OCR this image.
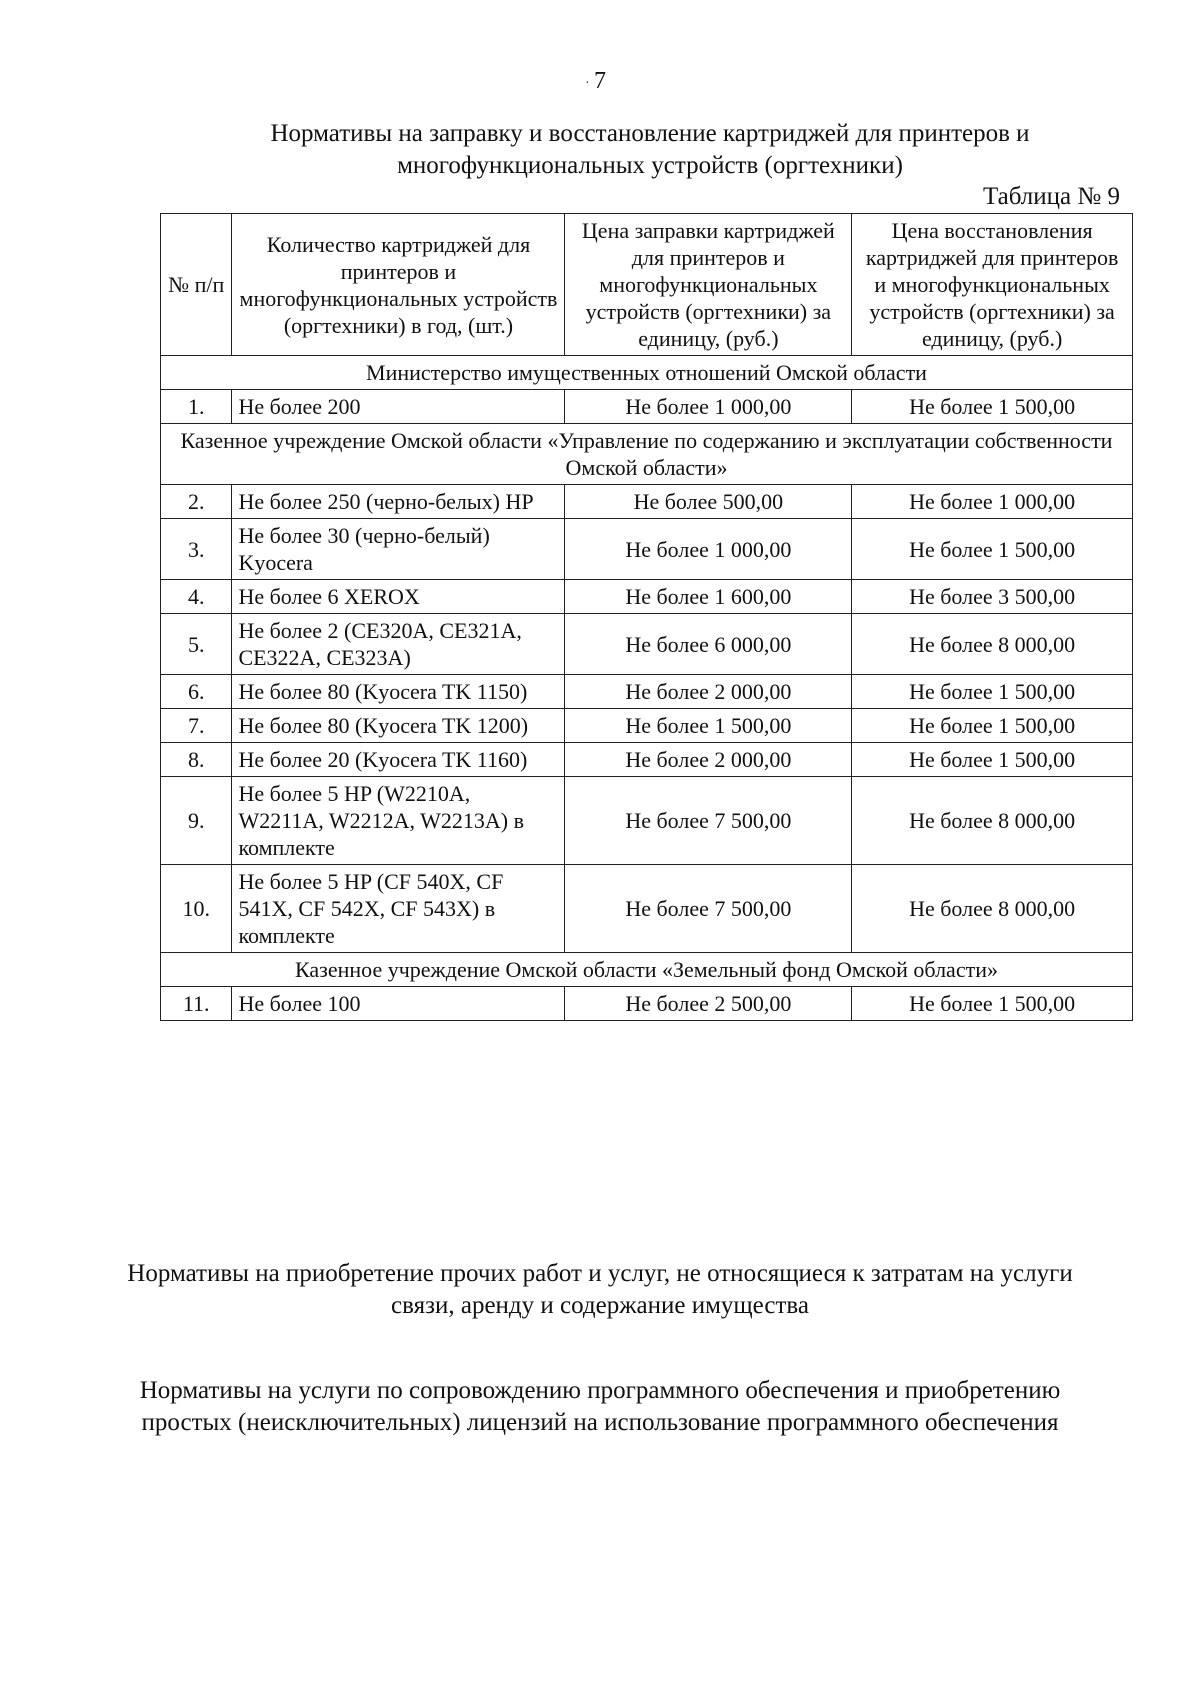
· 7
Нормативы на заправку и восстановление картриджей для принтеров и многофункциональных устройств (оргтехники)
Таблица № 9
№ п/п	Количество картриджей для принтеров и многофункциональных устройств (оргтехники) в год, (шт.)	Цена заправки картриджей для принтеров и многофункциональных устройств (оргтехники) за единицу, (руб.)	Цена восстановления картриджей для принтеров и многофункциональных устройств (оргтехники) за единицу, (руб.)
Министерство имущественных отношений Омской области			
1.	Не более 200	Не более 1 000,00	Не более 1 500,00
Казенное учреждение Омской области «Управление по содержанию и эксплуатации собственности Омской области»			
2.	Не более 250 (черно-белых) HP	Не более 500,00	Не более 1 000,00
3.	Не более 30 (черно-белый) Kyocera	Не более 1 000,00	Не более 1 500,00
4.	Не более 6 XEROX	Не более 1 600,00	Не более 3 500,00
5.	Не более 2 (CE320A, CE321A, CE322A, CE323A)	Не более 6 000,00	Не более 8 000,00
6.	Не более 80 (Kyocera TK 1150)	Не более 2 000,00	Не более 1 500,00
7.	Не более 80 (Kyocera TK 1200)	Не более 1 500,00	Не более 1 500,00
8.	Не более 20 (Kyocera TK 1160)	Не более 2 000,00	Не более 1 500,00
9.	Не более 5 HP (W2210A, W2211A, W2212A, W2213A) в комплекте	Не более 7 500,00	Не более 8 000,00
10.	Не более 5 HP (CF 540X, CF 541X, CF 542X, CF 543X) в комплекте	Не более 7 500,00	Не более 8 000,00
Казенное учреждение Омской области «Земельный фонд Омской области»			
11.	Не более 100	Не более 2 500,00	Не более 1 500,00
Нормативы на приобретение прочих работ и услуг, не относящиеся к затратам на услуги связи, аренду и содержание имущества
Нормативы на услуги по сопровождению программного обеспечения и приобретению простых (неисключительных) лицензий на использование программного обеспечения
